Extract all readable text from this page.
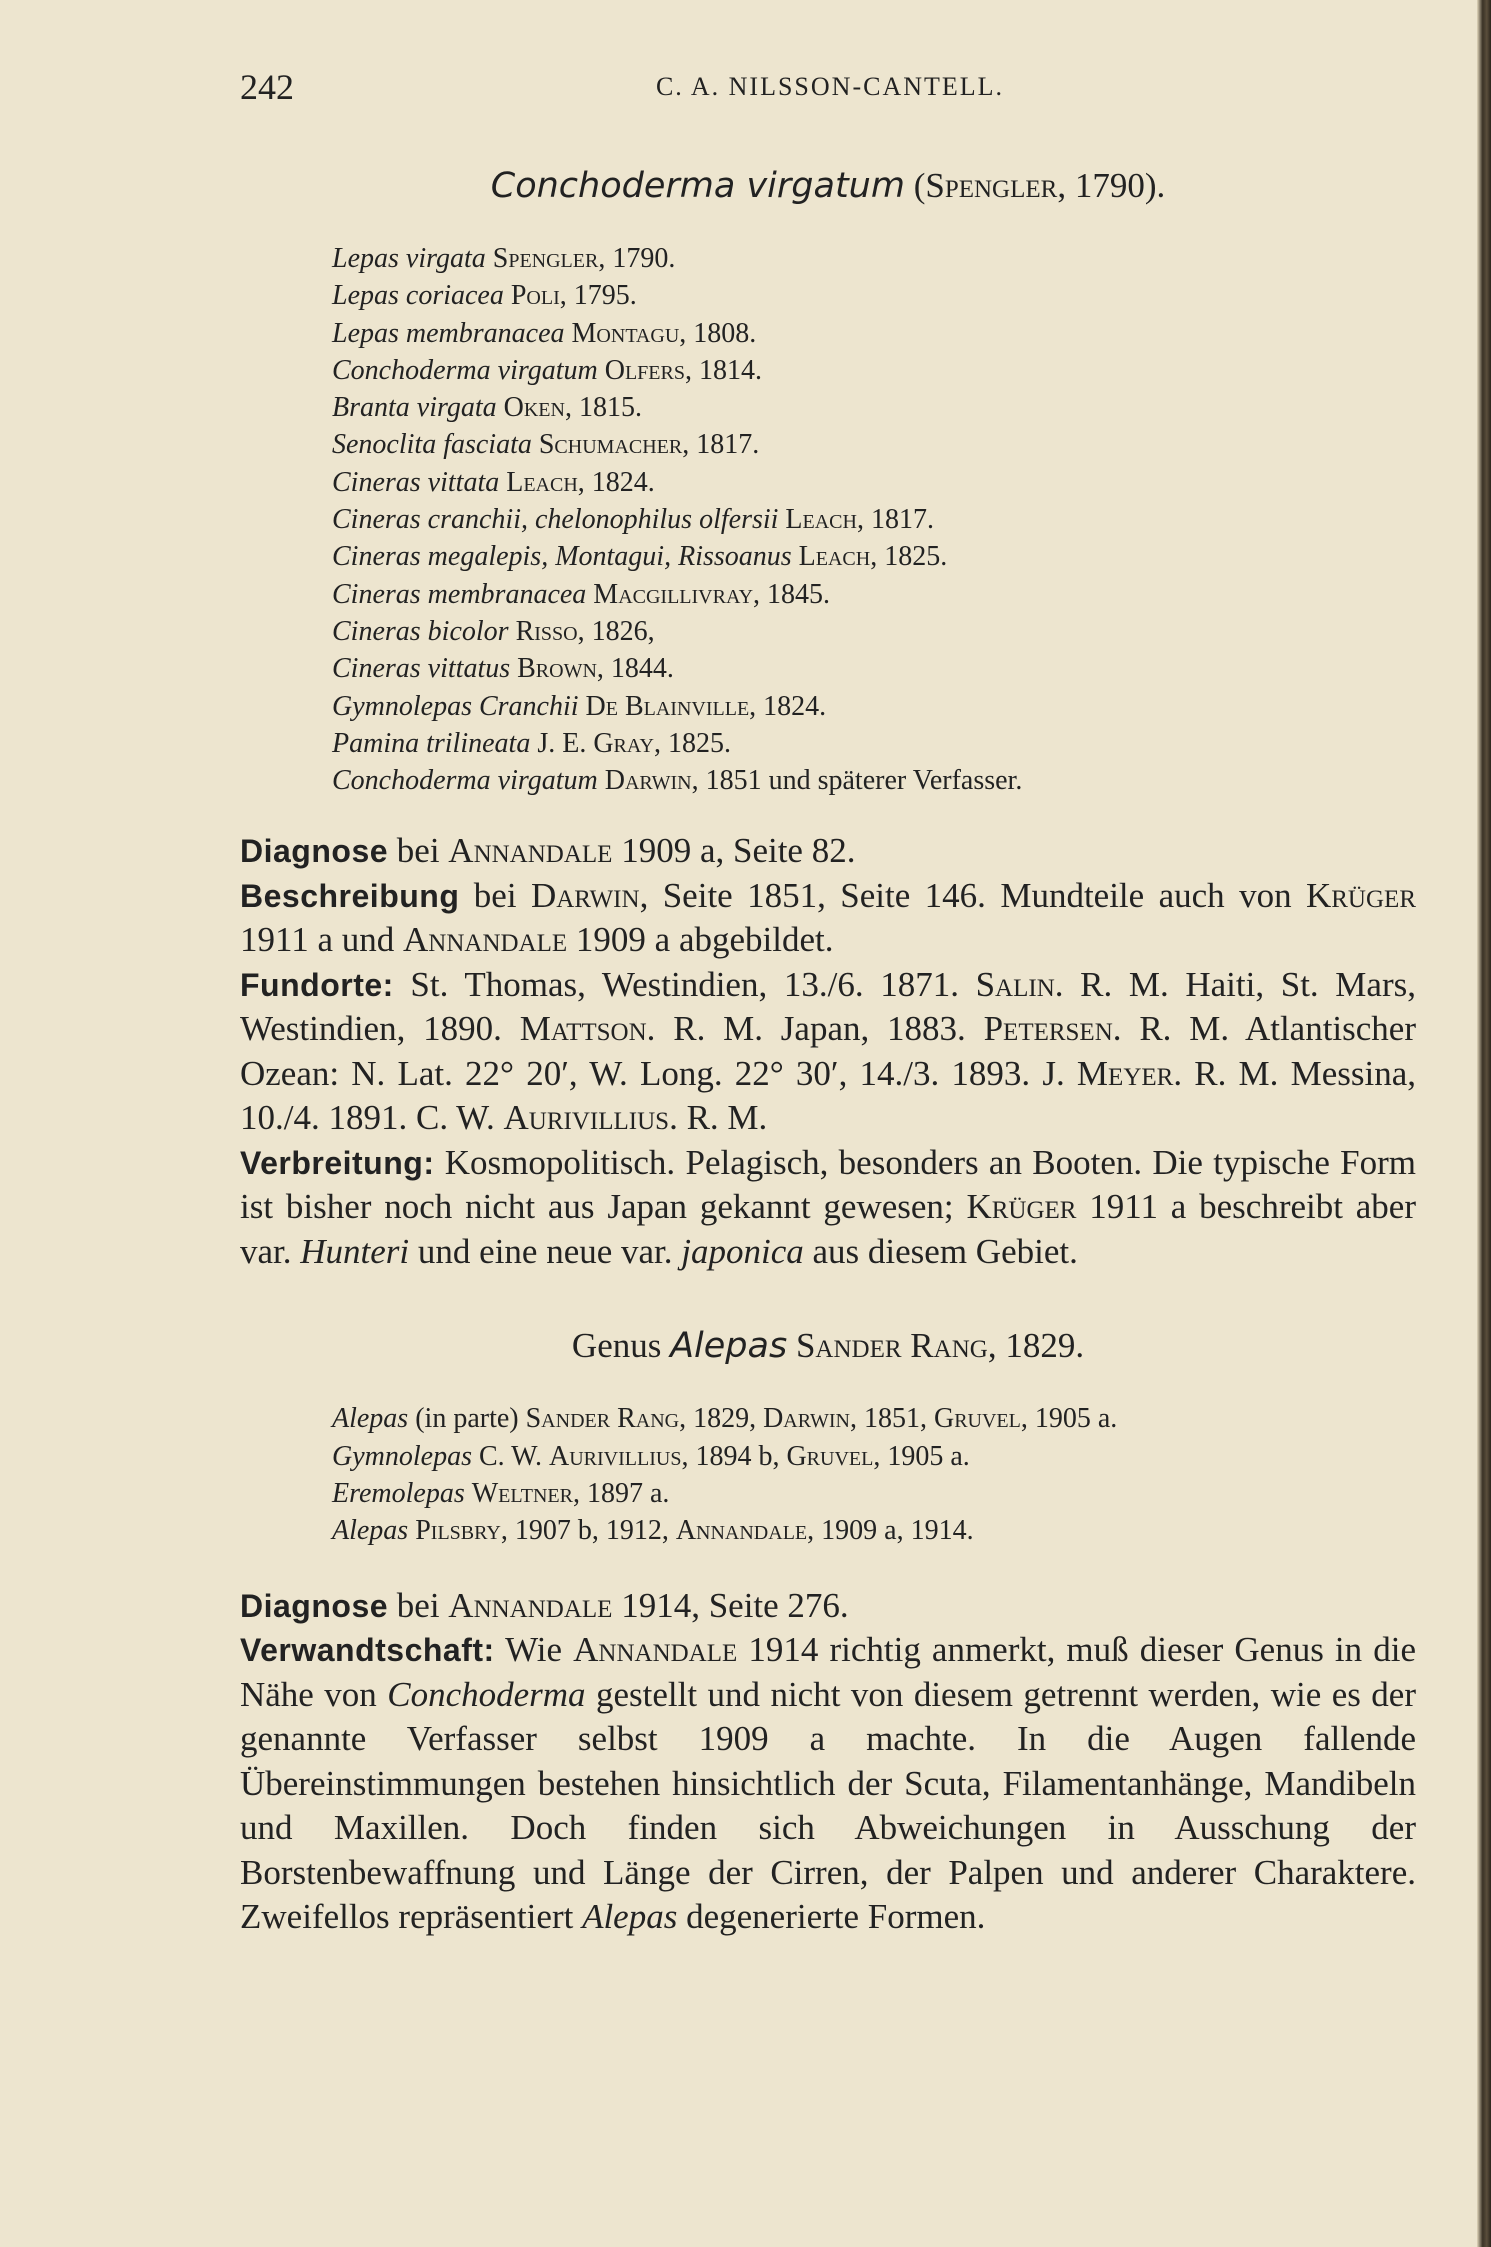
242	C. A. NILSSON-CANTELL.
Conchoderma virgatum (Spengler, 1790).
Lepas virgata Spengler, 1790.
Lepas coriacea Poli, 1795.
Lepas membranacea Montagu, 1808.
Conchoderma virgatum Olfers, 1814.
Branta virgata Oken, 1815.
Senoclita fasciata Schumacher, 1817.
Cineras vittata Leach, 1824.
Cineras cranchii, chelonophilus olfersii Leach, 1817.
Cineras megalepis, Montagui, Rissoanus Leach, 1825.
Cineras membranacea Macgillivray, 1845.
Cineras bicolor Risso, 1826,
Cineras vittatus Brown, 1844.
Gymnolepas Cranchii De Blainville, 1824.
Pamina trilineata J. E. Gray, 1825.
Conchoderma virgatum Darwin, 1851 und späterer Verfasser.

Diagnose bei Annandale 1909 a, Seite 82.

Beschreibung bei Darwin, Seite 1851, Seite 146. Mundteile auch von Krüger 1911 a und Annandale 1909 a abgebildet.

Fundorte: St. Thomas, Westindien, 13./6. 1871. Salin. R. M. Haiti, St. Mars, Westindien, 1890. Mattson. R. M. Japan, 1883. Petersen. R. M. Atlantischer Ozean: N. Lat. 22° 20′, W. Long. 22° 30′, 14./3. 1893. J. Meyer. R. M. Messina, 10./4. 1891. C. W. Aurivillius. R. M.

Verbreitung: Kosmopolitisch. Pelagisch, besonders an Booten. Die typische Form ist bisher noch nicht aus Japan gekannt gewesen; Krüger 1911 a beschreibt aber var. Hunteri und eine neue var. japonica aus diesem Gebiet.

Genus Alepas Sander Rang, 1829.
Alepas (in parte) Sander Rang, 1829, Darwin, 1851, Gruvel, 1905 a.
Gymnolepas C. W. Aurivillius, 1894 b, Gruvel, 1905 a.
Eremolepas Weltner, 1897 a.
Alepas Pilsbry, 1907 b, 1912, Annandale, 1909 a, 1914.

Diagnose bei Annandale 1914, Seite 276.

Verwandtschaft: Wie Annandale 1914 richtig anmerkt, muß dieser Genus in die Nähe von Conchoderma gestellt und nicht von diesem getrennt werden, wie es der genannte Verfasser selbst 1909 a machte. In die Augen fallende Übereinstimmungen bestehen hinsichtlich der Scuta, Filamentanhänge, Mandibeln und Maxillen. Doch finden sich Abweichungen in Ausschung der Borstenbewaffnung und Länge der Cirren, der Palpen und anderer Charaktere. Zweifellos repräsentiert Alepas degenerierte Formen.
